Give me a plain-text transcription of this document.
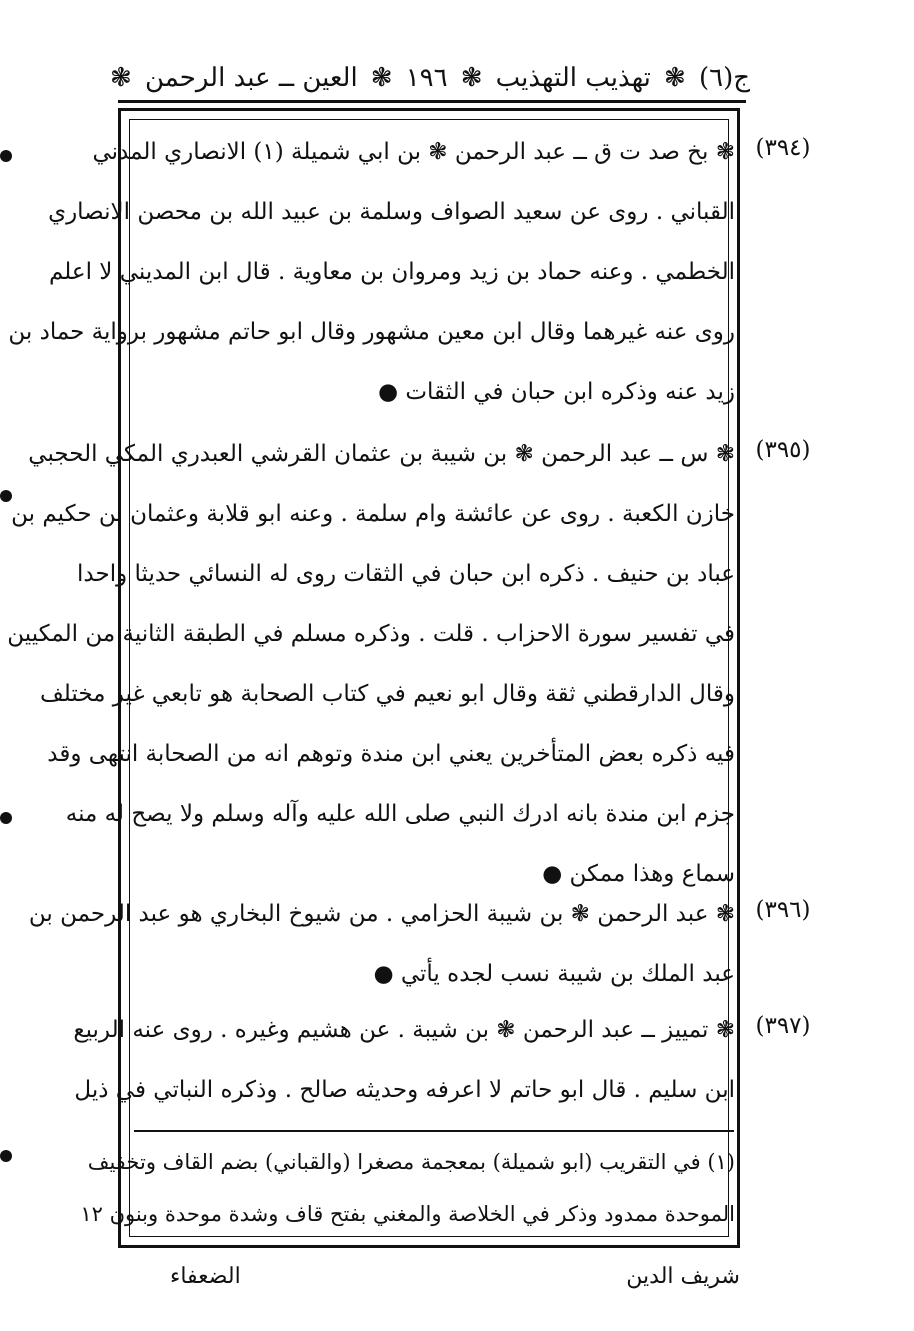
ج(٦)
❃
تهذيب التهذيب
❃
١٩٦
❃
العين ــ عبد الرحمن
❃
(٣٩٤)
❃ بخ صد ت ق ــ عبد الرحمن ❃ بن ابي شميلة (١) الانصاري المدني
القباني . روى عن سعيد الصواف وسلمة بن عبيد الله بن محصن الانصاري
الخطمي . وعنه حماد بن زيد ومروان بن معاوية . قال ابن المديني لا اعلم
روى عنه غيرهما وقال ابن معين مشهور وقال ابو حاتم مشهور برواية حماد بن
زيد عنه وذكره ابن حبان في الثقات ●
(٣٩٥)
❃ س ــ عبد الرحمن ❃ بن شيبة بن عثمان القرشي العبدري المكي الحجبي
خازن الكعبة . روى عن عائشة وام سلمة . وعنه ابو قلابة وعثمان بن حكيم بن
عباد بن حنيف . ذكره ابن حبان في الثقات روى له النسائي حديثا واحدا
في تفسير سورة الاحزاب . قلت . وذكره مسلم في الطبقة الثانية من المكيين
وقال الدارقطني ثقة وقال ابو نعيم في كتاب الصحابة هو تابعي غير مختلف
فيه ذكره بعض المتأخرين يعني ابن مندة وتوهم انه من الصحابة انتهى وقد
جزم ابن مندة بانه ادرك النبي صلى الله عليه وآله وسلم ولا يصح له منه
سماع وهذا ممكن ●
(٣٩٦)
❃ عبد الرحمن ❃ بن شيبة الحزامي . من شيوخ البخاري هو عبد الرحمن بن
عبد الملك بن شيبة نسب لجده يأتي ●
(٣٩٧)
❃ تمييز ــ عبد الرحمن ❃ بن شيبة . عن هشيم وغيره . روى عنه الربيع
ابن سليم . قال ابو حاتم لا اعرفه وحديثه صالح . وذكره النباتي في ذيل
(١) في التقريب (ابو شميلة) بمعجمة مصغرا (والقباني) بضم القاف وتخفيف
الموحدة ممدود وذكر في الخلاصة والمغني بفتح قاف وشدة موحدة وبنون ١٢
شريف الدين
الضعفاء
